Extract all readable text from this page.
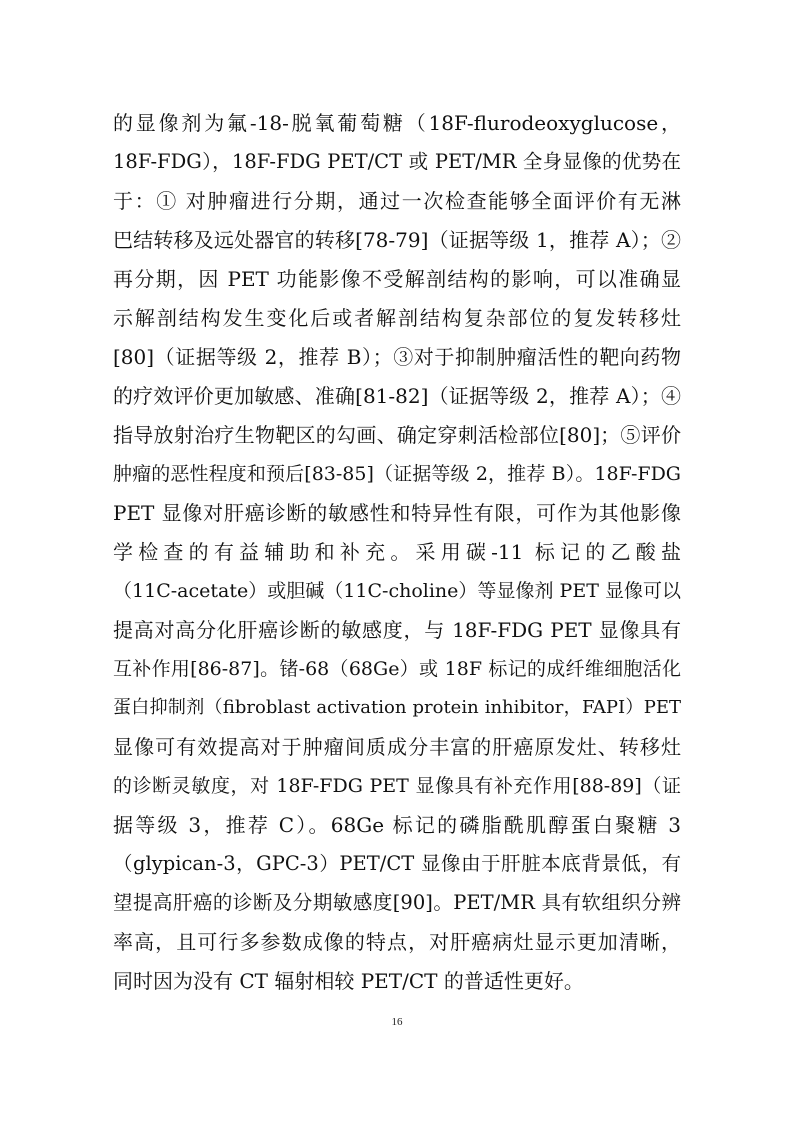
的显像剂为氟-18-脱氧葡萄糖（18F-flurodeoxyglucose，
18F-FDG），18F-FDG PET/CT 或 PET/MR 全身显像的优势在
于：① 对肿瘤进行分期，通过一次检查能够全面评价有无淋
巴结转移及远处器官的转移[78-79]（证据等级 1，推荐 A）；②
再分期，因 PET 功能影像不受解剖结构的影响，可以准确显
示解剖结构发生变化后或者解剖结构复杂部位的复发转移灶
[80]（证据等级 2，推荐 B）；③对于抑制肿瘤活性的靶向药物
的疗效评价更加敏感、准确[81-82]（证据等级 2，推荐 A）；④
指导放射治疗生物靶区的勾画、确定穿刺活检部位[80]；⑤评价
肿瘤的恶性程度和预后[83-85]（证据等级 2，推荐 B）。18F-FDG
PET 显像对肝癌诊断的敏感性和特异性有限，可作为其他影像
学检查的有益辅助和补充。采用碳-11 标记的乙酸盐
（11C-acetate）或胆碱（11C-choline）等显像剂 PET 显像可以
提高对高分化肝癌诊断的敏感度，与 18F-FDG PET 显像具有
互补作用[86-87]。锗-68（68Ge）或 18F 标记的成纤维细胞活化
蛋白抑制剂（fibroblast activation protein inhibitor，FAPI）PET
显像可有效提高对于肿瘤间质成分丰富的肝癌原发灶、转移灶
的诊断灵敏度，对 18F-FDG PET 显像具有补充作用[88-89]（证
据等级 3，推荐 C）。68Ge 标记的磷脂酰肌醇蛋白聚糖 3
（glypican-3，GPC-3）PET/CT 显像由于肝脏本底背景低，有
望提高肝癌的诊断及分期敏感度[90]。PET/MR 具有软组织分辨
率高，且可行多参数成像的特点，对肝癌病灶显示更加清晰，
同时因为没有 CT 辐射相较 PET/CT 的普适性更好。
16
